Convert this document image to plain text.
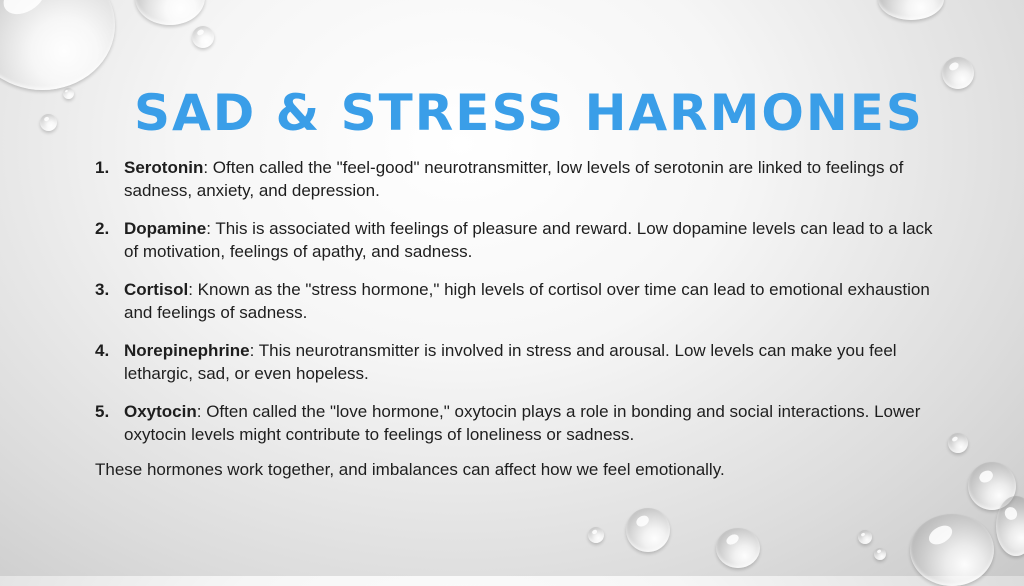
SAD & STRESS HARMONES
1. Serotonin: Often called the "feel-good" neurotransmitter, low levels of serotonin are linked to feelings of sadness, anxiety, and depression.
2. Dopamine: This is associated with feelings of pleasure and reward. Low dopamine levels can lead to a lack of motivation, feelings of apathy, and sadness.
3. Cortisol: Known as the "stress hormone," high levels of cortisol over time can lead to emotional exhaustion and feelings of sadness.
4. Norepinephrine: This neurotransmitter is involved in stress and arousal. Low levels can make you feel lethargic, sad, or even hopeless.
5. Oxytocin: Often called the "love hormone," oxytocin plays a role in bonding and social interactions. Lower oxytocin levels might contribute to feelings of loneliness or sadness.
These hormones work together, and imbalances can affect how we feel emotionally.
